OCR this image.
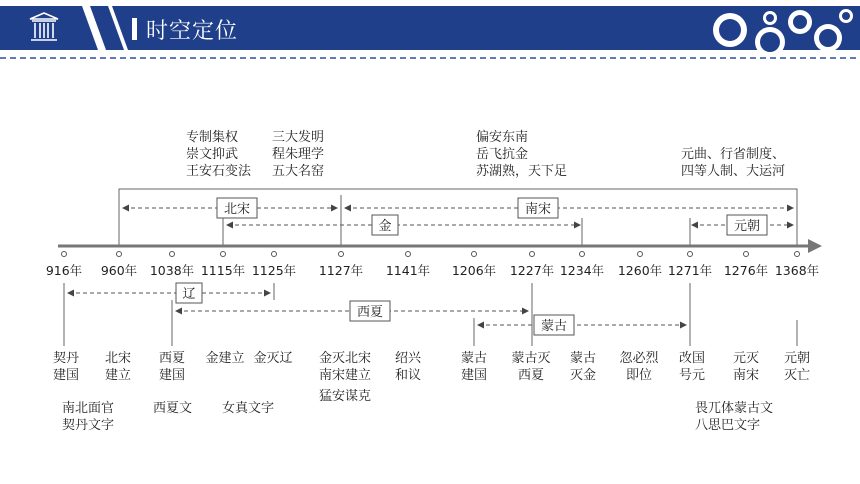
时空定位
专制集权
崇文抑武
王安石变法
三大发明
程朱理学
五大名窑
偏安东南
岳飞抗金
苏湖熟，天下足
元曲、行省制度、
四等人制、大运河
北宋	南宋
金	元朝
916年 960年 1038年 1115年 1125年 1127年 1141年 1206年 1227年 1234年 1260年 1271年 1276年 1368年
辽
西夏
蒙古
契丹
建国
北宋
建立
西夏
建国
金建立 金灭辽 金灭北宋
南宋建立
绍兴
和议
蒙古
建国
蒙古灭
西夏
蒙古
灭金
忽必烈
即位
改国
号元
元灭
南宋
元朝
灭亡
猛安谋克
南北面官
契丹文字
西夏文 女真文字	畏兀体蒙古文
八思巴文字
